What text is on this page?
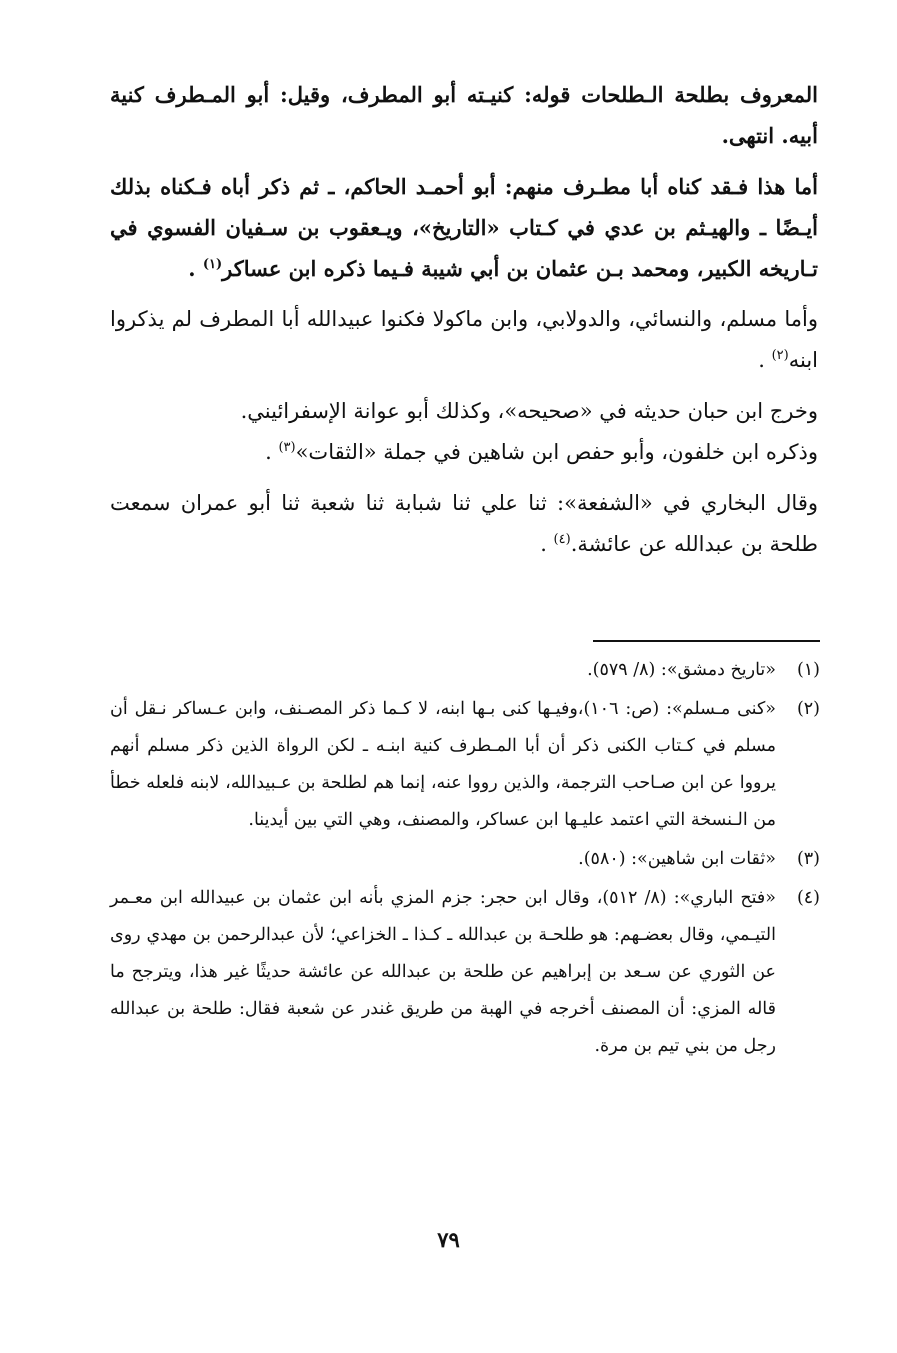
المعروف بطلحة الـطلحات قوله: كنيـته أبو المطرف، وقيل: أبو المـطرف كنية أبيه. انتهى.

أما هذا فـقد كناه أبا مطـرف منهم: أبو أحمـد الحاكم، ـ ثم ذكر أباه فـكناه بذلك أيـضًا ـ والهيـثم بن عدي في كـتاب «التاريخ»، ويـعقوب بن سـفيان الفسوي في تـاريخه الكبير، ومحمد بـن عثمان بن أبي شيبة فـيما ذكره ابن عساكر$^{(١)}$ .

وأما مسلم، والنسائي، والدولابي، وابن ماكولا فكنوا عبيدالله أبا المطرف لم يذكروا ابنه$^{(٢)}$ .

وخرج ابن حبان حديثه في «صحيحه»، وكذلك أبو عوانة الإسفرائيني.

وذكره ابن خلفون، وأبو حفص ابن شاهين في جملة «الثقات»$^{(٣)}$ .

وقال البخاري في «الشفعة»: ثنا علي ثنا شبابة ثنا شعبة ثنا أبو عمران سمعت طلحة بن عبدالله عن عائشة.$^{(٤)}$ .

(١)
«تاريخ دمشق»: (٨/ ٥٧٩).
(٢)
«كنى مـسلم»: (ص: ١٠٦)،وفيـها كنى بـها ابنه، لا كـما ذكر المصـنف، وابن عـساكر نـقل أن مسلم في كـتاب الكنى ذكر أن أبا المـطرف كنية ابنـه ـ لكن الرواة الذين ذكر مسلم أنهم يرووا عن ابن صـاحب الترجمة، والذين رووا عنه، إنما هم لطلحة بن عـبيدالله، لابنه فلعله خطأ من الـنسخة التي اعتمد عليـها ابن عساكر، والمصنف، وهي التي بين أيدينا.
(٣)
«ثقات ابن شاهين»: (٥٨٠).
(٤)
«فتح الباري»: (٨/ ٥١٢)، وقال ابن حجر: جزم المزي بأنه ابن عثمان بن عبيدالله ابن معـمر التيـمي، وقال بعضـهم: هو طلحـة بن عبدالله ـ كـذا ـ الخزاعي؛ لأن عبدالرحمن بن مهدي روى عن الثوري عن سـعد بن إبراهيم عن طلحة بن عبدالله عن عائشة حديثًا غير هذا، ويترجح ما قاله المزي: أن المصنف أخرجه في الهبة من طريق غندر عن شعبة فقال: طلحة بن عبدالله رجل من بني تيم بن مرة.
٧٩
